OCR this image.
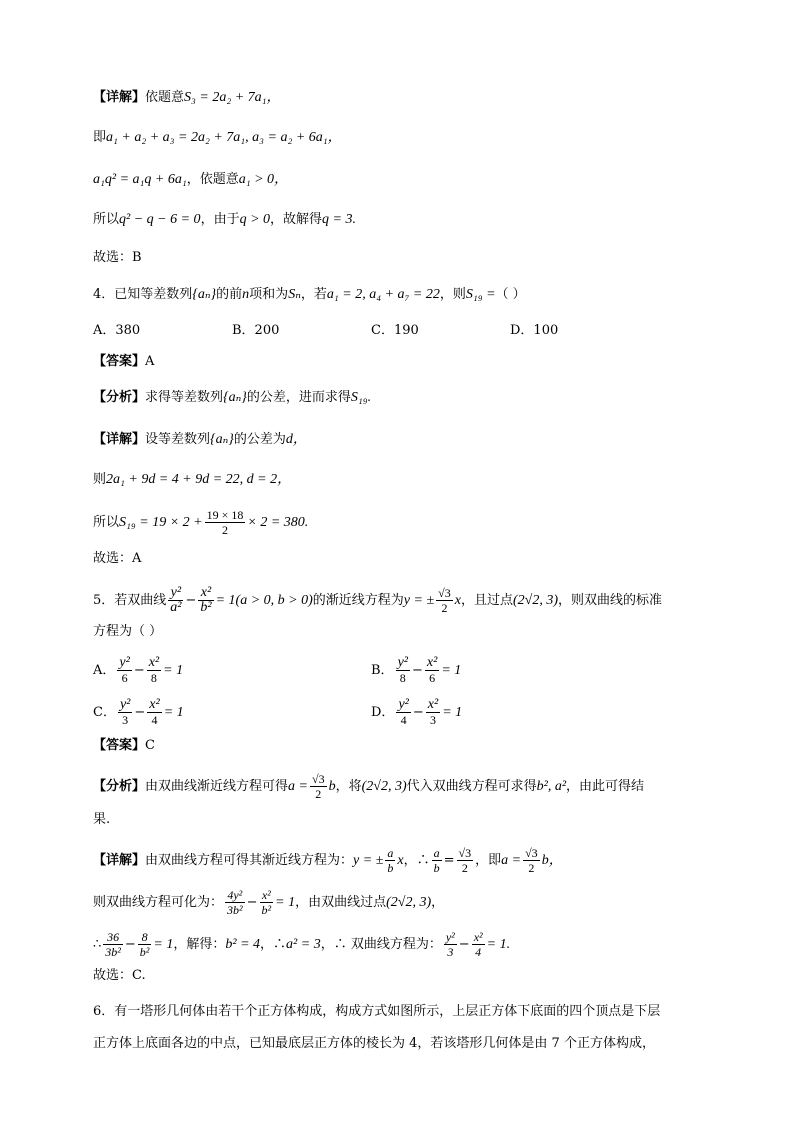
【详解】依题意S₃ = 2a₂ + 7a₁，
即a₁ + a₂ + a₃ = 2a₂ + 7a₁, a₃ = a₂ + 6a₁，
a₁q² = a₁q + 6a₁，依题意a₁ > 0，
所以q² − q − 6 = 0，由于q > 0，故解得q = 3.
故选：B
4．已知等差数列{aₙ}的前n项和为Sₙ，若a₁ = 2, a₄ + a₇ = 22，则S₁₉ =（ ）
A．380	B．200	C．190	D．100
【答案】A
【分析】求得等差数列{aₙ}的公差，进而求得S₁₉.
【详解】设等差数列{aₙ}的公差为d，
则2a₁ + 9d = 4 + 9d = 22, d = 2，
所以$S_{19} = 19 \times 2 + \frac{19 \times 18}{2} \times 2 = 380$.
故选：A
5．若双曲线 $\frac{\text{y²}}{\text{a²}} - \frac{\text{x²}}{\text{b²}} = 1(a > 0$, b > 0)的渐近线方程为y = ± $\frac{√3}{2}$ x，且过点(2√2, 3)，则双曲线的标准
方程为（ ）
A． $\frac{\text{y²}}{6} - \frac{\text{x²}}{8} = 1$	B． $\frac{\text{y²}}{8} - \frac{\text{x²}}{6} = 1$
C． $\frac{\text{y²}}{3} - \frac{\text{x²}}{4} = 1$	D． $\frac{\text{y²}}{4} - \frac{\text{x²}}{3} = 1$
【答案】C
【分析】由双曲线渐近线方程可得$a = \frac{√3}{2}$ b，将(2√2, 3)代入双曲线方程可求得b², a²，由此可得结
果.
【详解】由双曲线方程可得其渐近线方程为：y = ± $\frac{a}{b}$ x，∴ $\frac{a}{b} = \frac{√3}{2}$ ，即$a = \frac{√3}{2}$ b，
则双曲线方程可化为： $\frac{\text{4y²}}{\text{3b²}} - \frac{\text{x²}}{\text{b²}} = 1$，由双曲线过点(2√2, 3)，
∴ $\frac{36}{\text{3b²}} - \frac{8}{\text{b²}} = 1$，解得：b² = 4，∴a² = 3，∴ 双曲线方程为： $\frac{\text{y²}}{3} - \frac{\text{x²}}{4} = 1$.
故选：C.
6．有一塔形几何体由若干个正方体构成，构成方式如图所示，上层正方体下底面的四个顶点是下层
正方体上底面各边的中点，已知最底层正方体的棱长为 4，若该塔形几何体是由 7 个正方体构成，
